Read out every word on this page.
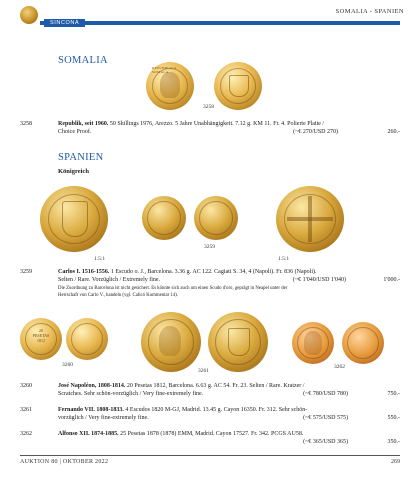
SINCONA
SOMALIA - SPANIEN
SOMALIA
REPUBBLICA SOMALA
3258
3258	Republik, seit 1960. 50 Shillings 1976, Arezzo. 5 Jahre Unabhängigkeit. 7.12 g. KM 11. Fr. 4. Polierte Platte /
Choice Proof.	(~€ 270/USD 270)	260.-
SPANIEN
Königreich
1.5:1
3259
1.5:1
3259	Carlos I. 1516-1556. 1 Escudo o. J., Barcelona. 3.36 g. AC 122. Cagiati S. 34, 4 (Napoli). Fr. 836 (Napoli).
Selten / Rare. Vorzüglich / Extremely fine.	(~€ 1'040/USD 1'040)	1'000.-
Die Zuordnung zu Barcelona ist nicht gesichert. Es könnte sich auch um einen Scudo d'oro, geprägt in Neapel unter der
Herrschaft von Carlo V., handeln (vgl. Calicó Kommentar 14).
20
PESETAS
1812
3260
3261
3262
3260	José Napoléon, 1808-1814. 20 Pesetas 1812, Barcelona. 6.63 g. AC 54. Fr. 23. Selten / Rare. Kratzer /
Scratches. Sehr schön-vorzüglich / Very fine-extremely fine.	(~€ 780/USD 780)	750.-
3261	Fernando VII. 1808-1833. 4 Escudos 1820 M-GJ, Madrid. 13.45 g. Cayon 16350. Fr. 312. Sehr schön-
vorzüglich / Very fine-extremely fine.	(~€ 575/USD 575)	550.-
3262	Alfonso XII. 1874-1885. 25 Pesetas 1878 (1878) EMM, Madrid. Cayon 17527. Fr. 342. PCGS AU58.
(~€ 365/USD 365)	350.-
AUKTION 80 | OKTOBER 2022	269
